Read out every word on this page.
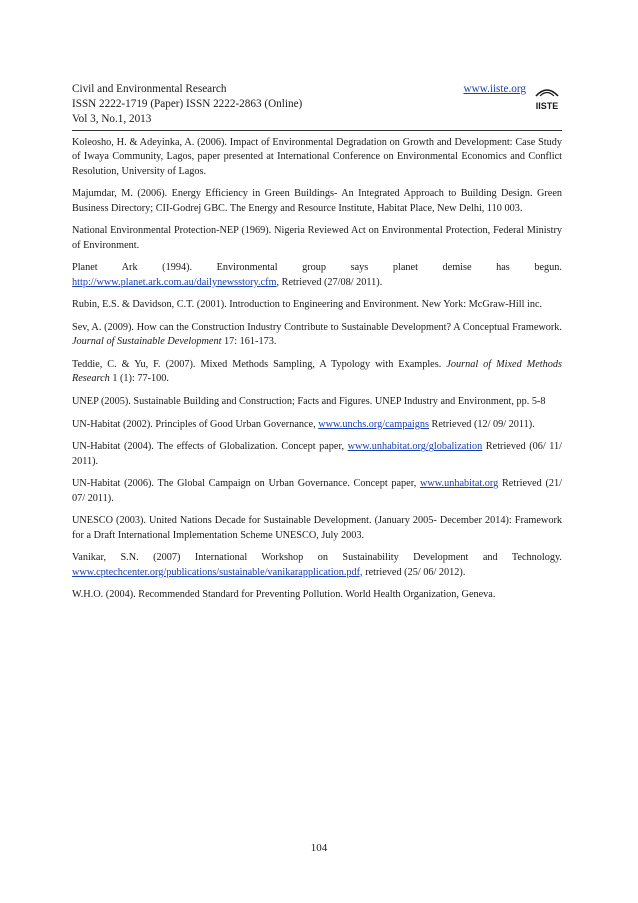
Civil and Environmental Research
ISSN 2222-1719 (Paper) ISSN 2222-2863 (Online)
Vol 3, No.1, 2013
www.iiste.org
IISTE

Koleosho, H. & Adeyinka, A. (2006). Impact of Environmental Degradation on Growth and Development: Case Study of Iwaya Community, Lagos, paper presented at International Conference on Environmental Economics and Conflict Resolution, University of Lagos.

Majumdar, M. (2006). Energy Efficiency in Green Buildings- An Integrated Approach to Building Design. Green Business Directory; CII-Godrej GBC. The Energy and Resource Institute, Habitat Place, New Delhi, 110 003.

National Environmental Protection-NEP (1969). Nigeria Reviewed Act on Environmental Protection, Federal Ministry of Environment.

Planet Ark (1994). Environmental group says planet demise has begun.
http://www.planet.ark.com.au/dailynewsstory.cfm, Retrieved (27/08/ 2011).

Rubin, E.S. & Davidson, C.T. (2001). Introduction to Engineering and Environment. New York: McGraw-Hill inc.

Sev, A. (2009). How can the Construction Industry Contribute to Sustainable Development? A Conceptual Framework. Journal of Sustainable Development 17: 161-173.

Teddie, C. & Yu, F. (2007). Mixed Methods Sampling, A Typology with Examples. Journal of Mixed Methods Research 1 (1): 77-100.

UNEP (2005). Sustainable Building and Construction; Facts and Figures. UNEP Industry and Environment, pp. 5-8

UN-Habitat (2002). Principles of Good Urban Governance, www.unchs.org/campaigns Retrieved (12/ 09/ 2011).

UN-Habitat (2004). The effects of Globalization. Concept paper, www.unhabitat.org/globalization Retrieved (06/ 11/ 2011).

UN-Habitat (2006). The Global Campaign on Urban Governance. Concept paper, www.unhabitat.org Retrieved (21/ 07/ 2011).

UNESCO (2003). United Nations Decade for Sustainable Development. (January 2005- December 2014): Framework for a Draft International Implementation Scheme UNESCO, July 2003.

Vanikar, S.N. (2007) International Workshop on Sustainability Development and Technology.
www.cptechcenter.org/publications/sustainable/vanikarapplication.pdf, retrieved (25/ 06/ 2012).

W.H.O. (2004). Recommended Standard for Preventing Pollution. World Health Organization, Geneva.

104
